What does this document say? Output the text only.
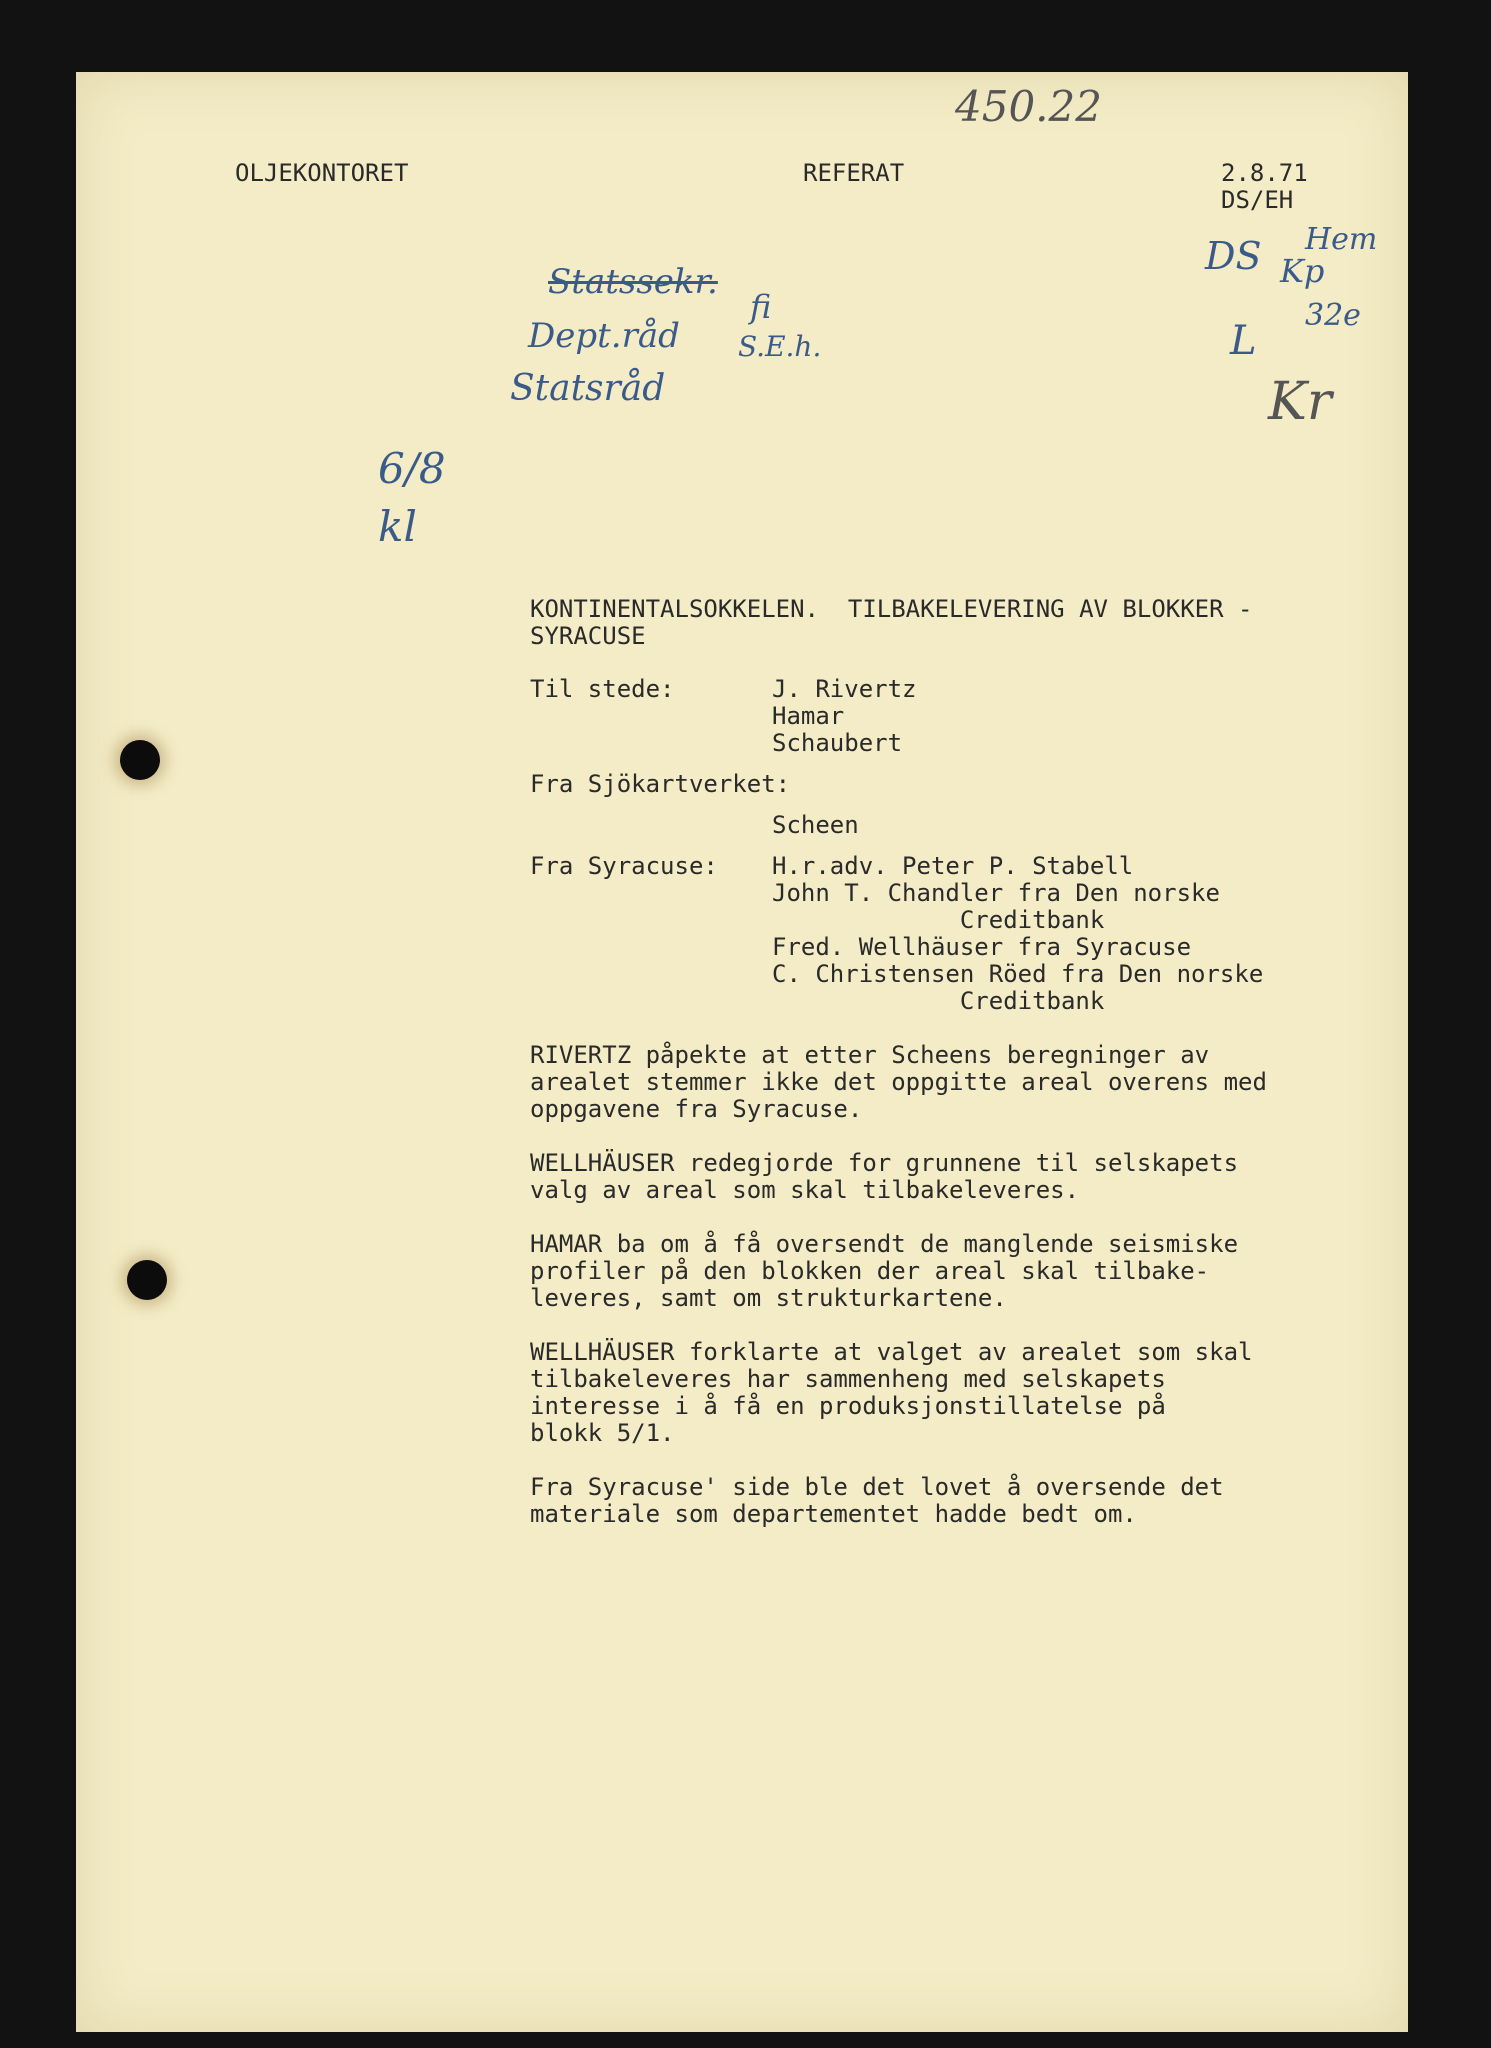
OLJEKONTORET	REFERAT	2.8.71
DS/EH
450.22
Statssekr.
fi
Dept.råd S.E.h.
Statsråd
6/8 kl
DS Hem
Kp
32e
L
Kr
KONTINENTALSOKKELEN.  TILBAKELEVERING AV BLOKKER -
SYRACUSE
Til stede:	J. Rivertz
Hamar
Schaubert
Fra Sjökartverket:
Scheen
Fra Syracuse: H.r.adv. Peter P. Stabell
John T. Chandler fra Den norske
Creditbank
Fred. Wellhäuser fra Syracuse
C. Christensen Röed fra Den norske
Creditbank
RIVERTZ påpekte at etter Scheens beregninger av
arealet stemmer ikke det oppgitte areal overens med
oppgavene fra Syracuse.
WELLHÄUSER redegjorde for grunnene til selskapets
valg av areal som skal tilbakeleveres.
HAMAR ba om å få oversendt de manglende seismiske
profiler på den blokken der areal skal tilbake-
leveres, samt om strukturkartene.
WELLHÄUSER forklarte at valget av arealet som skal
tilbakeleveres har sammenheng med selskapets
interesse i å få en produksjonstillatelse på
blokk 5/1.
Fra Syracuse' side ble det lovet å oversende det
materiale som departementet hadde bedt om.
